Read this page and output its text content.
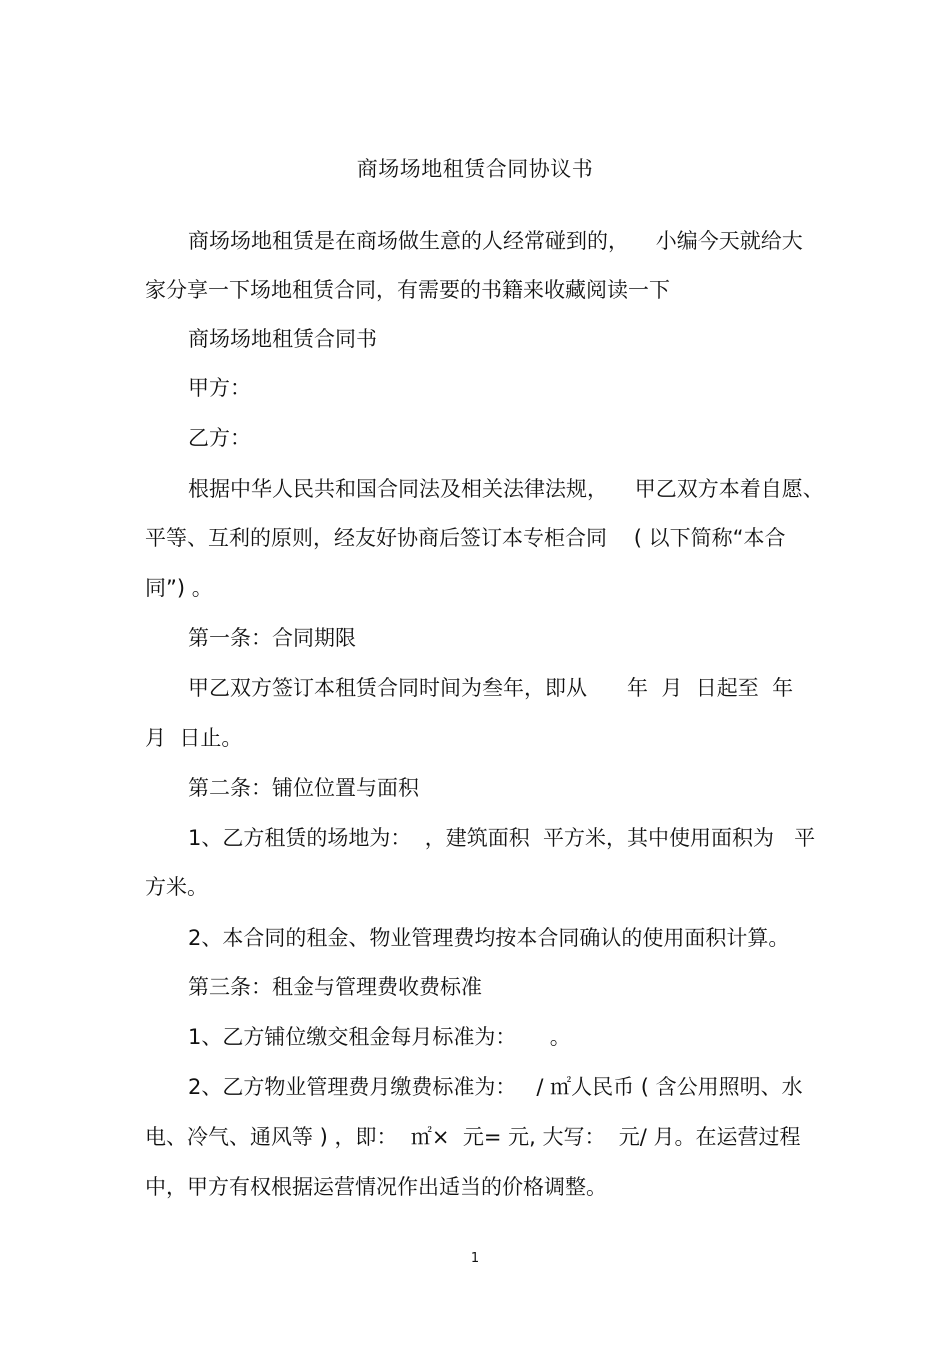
商场场地租赁合同协议书
商场场地租赁是在商场做生意的人经常碰到的，    小编今天就给大
家分享一下场地租赁合同，有需要的书籍来收藏阅读一下
商场场地租赁合同书
甲方：
乙方：
根据中华人民共和国合同法及相关法律法规，    甲乙双方本着自愿、
平等、互利的原则，经友好协商后签订本专柜合同    ( 以下简称“本合
同”) 。
第一条：合同期限
甲乙双方签订本租赁合同时间为叁年，即从      年  月  日起至  年
月  日止。
第二条：铺位位置与面积
1、乙方租赁的场地为：  ，建筑面积  平方米，其中使用面积为   平
方米。
2、本合同的租金、物业管理费均按本合同确认的使用面积计算。
第三条：租金与管理费收费标准
1、乙方铺位缴交租金每月标准为：     。
2、乙方物业管理费月缴费标准为：   / ㎡人民币 ( 含公用照明、水
电、冷气、通风等 ) ，即：  ㎡×  元= 元, 大写：  元/ 月。在运营过程
中，甲方有权根据运营情况作出适当的价格调整。
1
